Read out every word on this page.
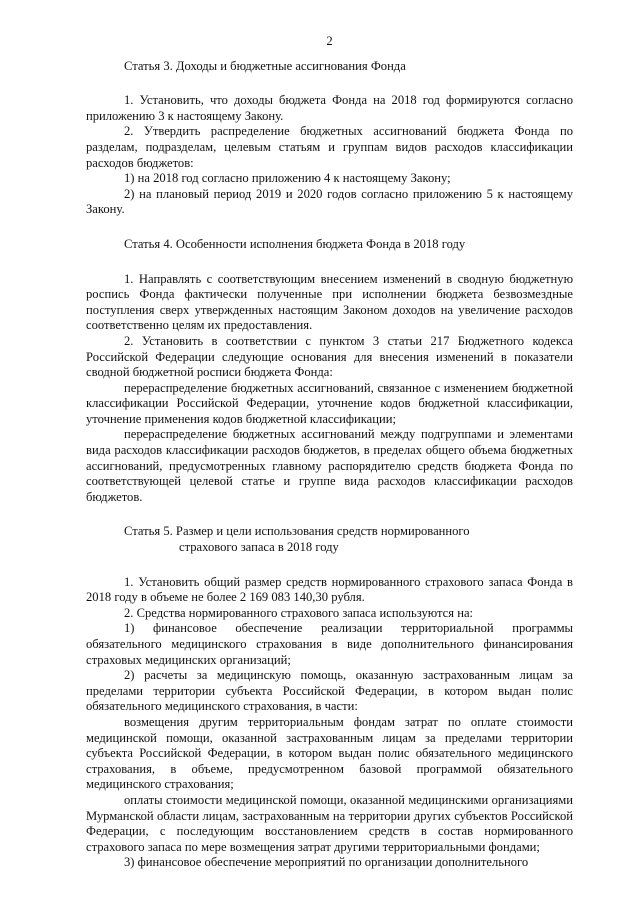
2

Статья 3. Доходы и бюджетные ассигнования Фонда

1. Установить, что доходы бюджета Фонда на 2018 год формируются согласно приложению 3 к настоящему Закону.

2. Утвердить распределение бюджетных ассигнований бюджета Фонда по разделам, подразделам, целевым статьям и группам видов расходов классификации расходов бюджетов:

1) на 2018 год согласно приложению 4 к настоящему Закону;

2) на плановый период 2019 и 2020 годов согласно приложению 5 к настоящему Закону.

Статья 4. Особенности исполнения бюджета Фонда в 2018 году

1. Направлять с соответствующим внесением изменений в сводную бюджетную роспись Фонда фактически полученные при исполнении бюджета безвозмездные поступления сверх утвержденных настоящим Законом доходов на увеличение расходов соответственно целям их предоставления.

2. Установить в соответствии с пунктом 3 статьи 217 Бюджетного кодекса Российской Федерации следующие основания для внесения изменений в показатели сводной бюджетной росписи бюджета Фонда:

перераспределение бюджетных ассигнований, связанное с изменением бюджетной классификации Российской Федерации, уточнение кодов бюджетной классификации, уточнение применения кодов бюджетной классификации;

перераспределение бюджетных ассигнований между подгруппами и элементами вида расходов классификации расходов бюджетов, в пределах общего объема бюджетных ассигнований, предусмотренных главному распорядителю средств бюджета Фонда по соответствующей целевой статье и группе вида расходов классификации расходов бюджетов.

Статья 5. Размер и цели использования средств нормированного
страхового запаса в 2018 году

1. Установить общий размер средств нормированного страхового запаса Фонда в 2018 году в объеме не более 2 169 083 140,30 рубля.

2. Средства нормированного страхового запаса используются на:

1) финансовое обеспечение реализации территориальной программы обязательного медицинского страхования в виде дополнительного финансирования страховых медицинских организаций;

2) расчеты за медицинскую помощь, оказанную застрахованным лицам за пределами территории субъекта Российской Федерации, в котором выдан полис обязательного медицинского страхования, в части:

возмещения другим территориальным фондам затрат по оплате стоимости медицинской помощи, оказанной застрахованным лицам за пределами территории субъекта Российской Федерации, в котором выдан полис обязательного медицинского страхования, в объеме, предусмотренном базовой программой обязательного медицинского страхования;

оплаты стоимости медицинской помощи, оказанной медицинскими организациями Мурманской области лицам, застрахованным на территории других субъектов Российской Федерации, с последующим восстановлением средств в состав нормированного страхового запаса по мере возмещения затрат другими территориальными фондами;

3) финансовое обеспечение мероприятий по организации дополнительного
